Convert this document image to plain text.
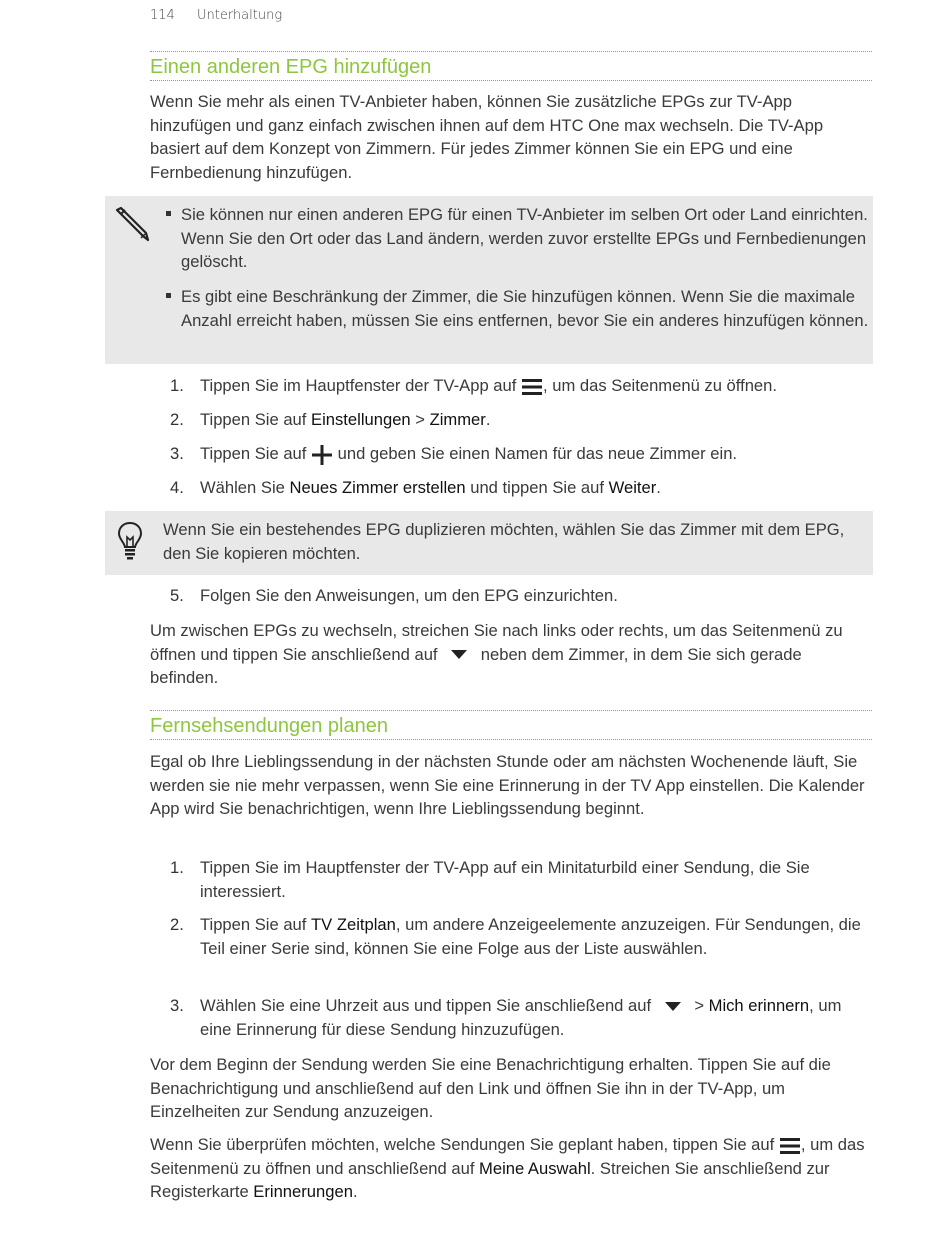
114 Unterhaltung
Einen anderen EPG hinzufügen
Wenn Sie mehr als einen TV-Anbieter haben, können Sie zusätzliche EPGs zur TV-App hinzufügen und ganz einfach zwischen ihnen auf dem HTC One max wechseln. Die TV-App basiert auf dem Konzept von Zimmern. Für jedes Zimmer können Sie ein EPG und eine Fernbedienung hinzufügen.
Sie können nur einen anderen EPG für einen TV-Anbieter im selben Ort oder Land einrichten. Wenn Sie den Ort oder das Land ändern, werden zuvor erstellte EPGs und Fernbedienungen gelöscht.
Es gibt eine Beschränkung der Zimmer, die Sie hinzufügen können. Wenn Sie die maximale Anzahl erreicht haben, müssen Sie eins entfernen, bevor Sie ein anderes hinzufügen können.
1. Tippen Sie im Hauptfenster der TV-App auf , um das Seitenmenü zu öffnen.
2. Tippen Sie auf Einstellungen > Zimmer.
3. Tippen Sie auf  und geben Sie einen Namen für das neue Zimmer ein.
4. Wählen Sie Neues Zimmer erstellen und tippen Sie auf Weiter.
Wenn Sie ein bestehendes EPG duplizieren möchten, wählen Sie das Zimmer mit dem EPG, den Sie kopieren möchten.
5. Folgen Sie den Anweisungen, um den EPG einzurichten.
Um zwischen EPGs zu wechseln, streichen Sie nach links oder rechts, um das Seitenmenü zu öffnen und tippen Sie anschließend auf  neben dem Zimmer, in dem Sie sich gerade befinden.
Fernsehsendungen planen
Egal ob Ihre Lieblingssendung in der nächsten Stunde oder am nächsten Wochenende läuft, Sie werden sie nie mehr verpassen, wenn Sie eine Erinnerung in der TV App einstellen. Die Kalender App wird Sie benachrichtigen, wenn Ihre Lieblingssendung beginnt.
1. Tippen Sie im Hauptfenster der TV-App auf ein Minitaturbild einer Sendung, die Sie interessiert.
2. Tippen Sie auf TV Zeitplan, um andere Anzeigeelemente anzuzeigen. Für Sendungen, die Teil einer Serie sind, können Sie eine Folge aus der Liste auswählen.
3. Wählen Sie eine Uhrzeit aus und tippen Sie anschließend auf  > Mich erinnern, um eine Erinnerung für diese Sendung hinzuzufügen.
Vor dem Beginn der Sendung werden Sie eine Benachrichtigung erhalten. Tippen Sie auf die Benachrichtigung und anschließend auf den Link und öffnen Sie ihn in der TV-App, um Einzelheiten zur Sendung anzuzeigen.
Wenn Sie überprüfen möchten, welche Sendungen Sie geplant haben, tippen Sie auf , um das Seitenmenü zu öffnen und anschließend auf Meine Auswahl. Streichen Sie anschließend zur Registerkarte Erinnerungen.
